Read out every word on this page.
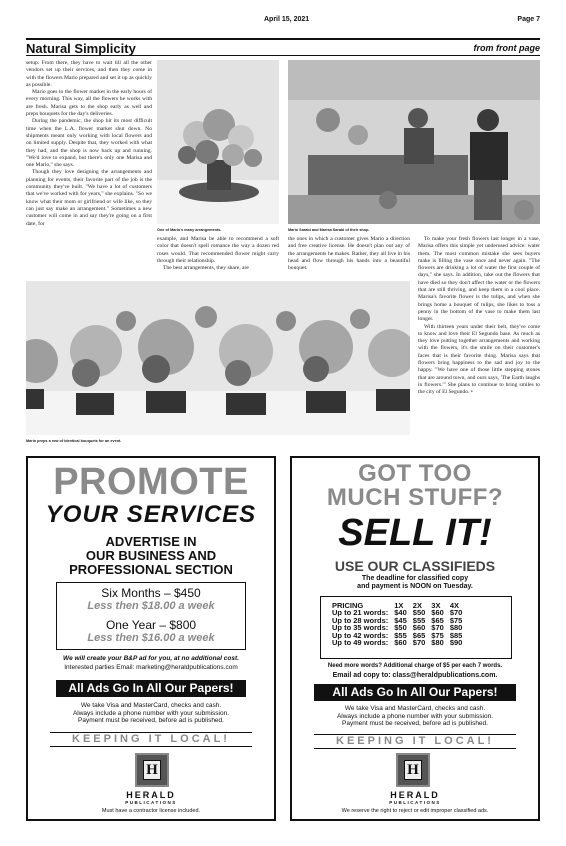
April 15, 2021	Page 7
Natural Simplicity	from front page

setup. From there, they have to wait till all the other vendors set up their services, and then they come in with the flowers Mario prepared and set it up as quickly as possible.

Mario goes to the flower market in the early hours of every morning. This way, all the flowers he works with are fresh. Marisa gets to the shop early as well and preps bouquets for the day's deliveries.

During the pandemic, the shop hit its most difficult time when the L.A. flower market shut down. No shipments meant only working with local flowers and on limited supply. Despite that, they worked with what they had, and the shop is now back up and running. "We'd love to expand, but there's only one Marisa and one Mario," she says.

Though they love designing the arrangements and planning for events, their favorite part of the job is the community they've built. "We have a lot of customers that we've worked with for years," she explains. "So we know what their mom or girlfriend or wife like, so they can just say make an arrangement." Sometimes a new customer will come in and say they're going on a first date, for

One of Mario's many arrangements.	Mario Sarabi and Marisa Sarabi of their shop.

example, and Marisa be able to recommend a soft color that doesn't spell romance the way a dozen red roses would. That recommended flower might carry through their relationship.

The best arrangements, they share, are

the ones in which a customer gives Mario a direction and free creative license. He doesn't plan out any of the arrangements he makes. Rather, they all live in his head and flow through his hands into a beautiful bouquet.

To make your fresh flowers last longer in a vase, Marisa offers this simple yet underused advice: water them. The most common mistake she sees buyers make is filling the vase once and never again. "The flowers are drinking a lot of water the first couple of days," she says. In addition, take out the flowers that have died so they don't affect the water or the flowers that are still thriving, and keep them in a cool place. Marisa's favorite flower is the tulips, and when she brings home a bouquet of tulips, she likes to toss a penny in the bottom of the vase to make them last longer.

With thirteen years under their belt, they've come to know and love their El Segundo base. As much as they love putting together arrangements and working with the flowers, it's the smile on their customer's faces that is their favorite thing. Marisa says that flowers bring happiness to the sad and joy to the happy. "We have one of those little stepping stones that are around town, and ours says, 'The Earth laughs in flowers.'" She plans to continue to bring smiles to the city of El Segundo. •

Mario preps a row of identical bouquets for an event.
PROMOTE
YOUR SERVICES
ADVERTISE IN
OUR BUSINESS AND
PROFESSIONAL SECTION
Six Months – $450
Less then $18.00 a week
One Year – $800
Less then $16.00 a week
We will create your B&P ad for you, at no additional cost.
Interested parties Email: marketing@heraldpublications.com
All Ads Go In All Our Papers!
We take Visa and MasterCard, checks and cash.
Always include a phone number with your submission.
Payment must be received, before ad is published.
KEEPING IT LOCAL!
H
HERALD
PUBLICATIONS
Must have a contractor license included.
GOT TOO
MUCH STUFF?
SELL IT!
USE OUR CLASSIFIEDS
The deadline for classified copy
and payment is NOON on Tuesday.
PRICING	1X	2X	3X	4X
Up to 21 words:	$40	$50	$60	$70
Up to 28 words:	$45	$55	$65	$75
Up to 35 words:	$50	$60	$70	$80
Up to 42 words:	$55	$65	$75	$85
Up to 49 words:	$60	$70	$80	$90
Need more words? Additional charge of $5 per each 7 words.
Email ad copy to: class@heraldpublications.com.
All Ads Go In All Our Papers!
We take Visa and MasterCard, checks and cash.
Always include a phone number with your submission.
Payment must be received, before ad is published.
KEEPING IT LOCAL!
H
HERALD
PUBLICATIONS
We reserve the right to reject or edit improper classified ads.
